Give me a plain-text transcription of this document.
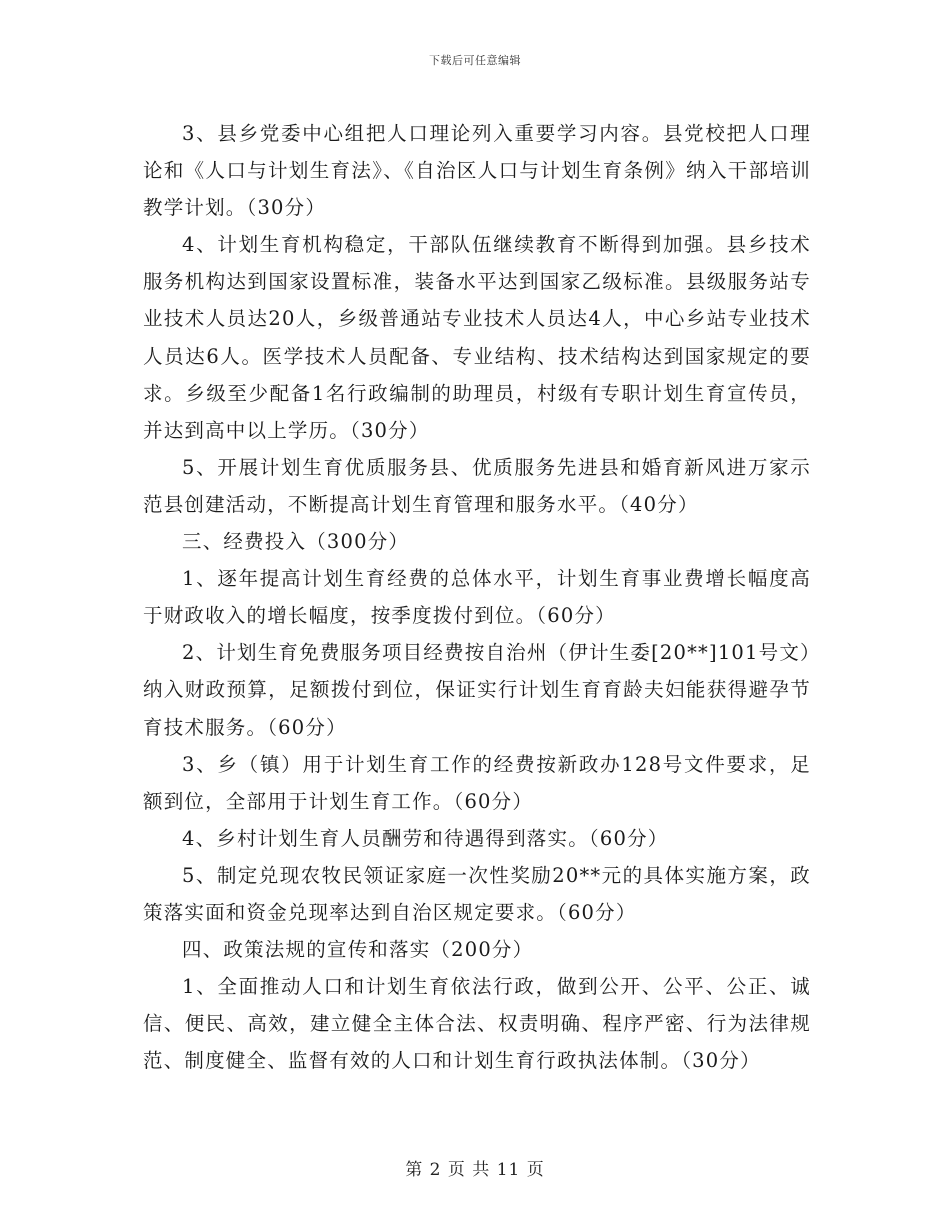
下载后可任意编辑

3、县乡党委中心组把人口理论列入重要学习内容。县党校把人口理论和《人口与计划生育法》、《自治区人口与计划生育条例》纳入干部培训教学计划。（30分）

4、计划生育机构稳定，干部队伍继续教育不断得到加强。县乡技术服务机构达到国家设置标准，装备水平达到国家乙级标准。县级服务站专业技术人员达20人，乡级普通站专业技术人员达4人，中心乡站专业技术人员达6人。医学技术人员配备、专业结构、技术结构达到国家规定的要求。乡级至少配备1名行政编制的助理员，村级有专职计划生育宣传员，并达到高中以上学历。（30分）

5、开展计划生育优质服务县、优质服务先进县和婚育新风进万家示范县创建活动，不断提高计划生育管理和服务水平。（40分）

三、经费投入（300分）

1、逐年提高计划生育经费的总体水平，计划生育事业费增长幅度高于财政收入的增长幅度，按季度拨付到位。（60分）

2、计划生育免费服务项目经费按自治州（伊计生委[20**]101号文）纳入财政预算，足额拨付到位，保证实行计划生育育龄夫妇能获得避孕节育技术服务。（60分）

3、乡（镇）用于计划生育工作的经费按新政办128号文件要求，足额到位，全部用于计划生育工作。（60分）

4、乡村计划生育人员酬劳和待遇得到落实。（60分）

5、制定兑现农牧民领证家庭一次性奖励20**元的具体实施方案，政策落实面和资金兑现率达到自治区规定要求。（60分）

四、政策法规的宣传和落实（200分）

1、全面推动人口和计划生育依法行政，做到公开、公平、公正、诚信、便民、高效，建立健全主体合法、权责明确、程序严密、行为法律规范、制度健全、监督有效的人口和计划生育行政执法体制。（30分）

第 2 页 共 11 页
